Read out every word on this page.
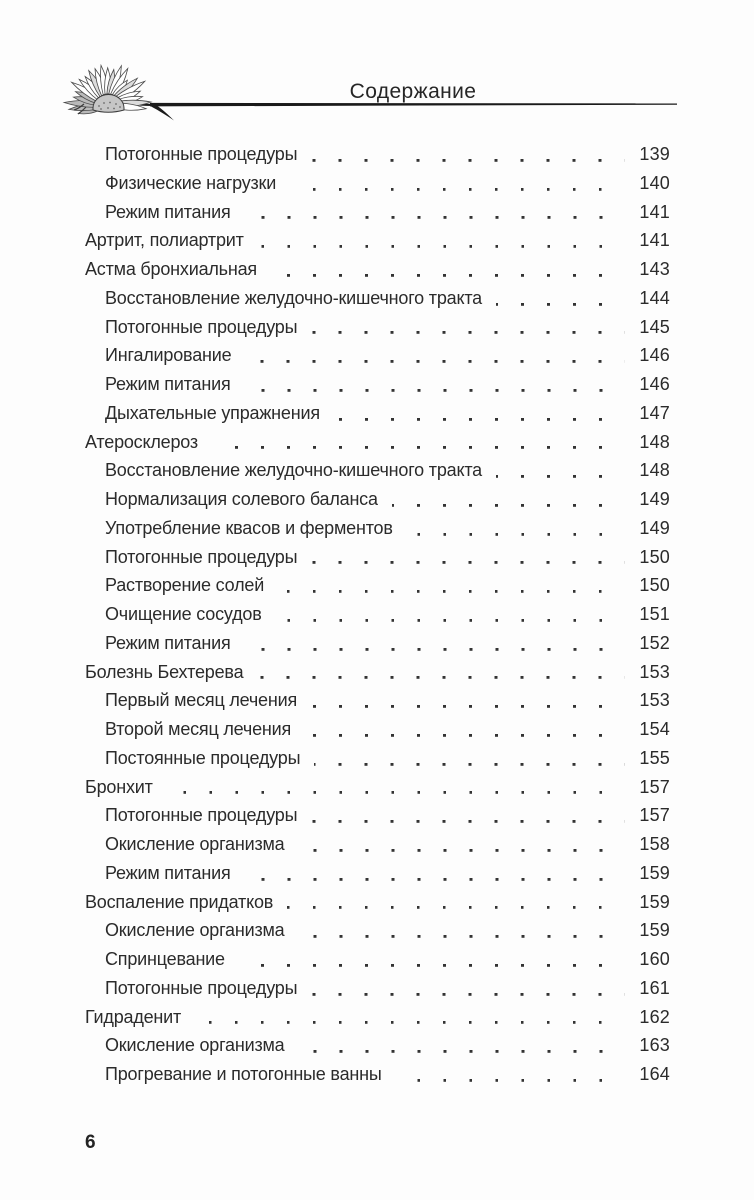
Содержание
Потогонные процедуры	139
Физические нагрузки	140
Режим питания	141
Артрит, полиартрит	141
Астма бронхиальная	143
Восстановление желудочно-кишечного тракта	144
Потогонные процедуры	145
Ингалирование	146
Режим питания	146
Дыхательные упражнения	147
Атеросклероз	148
Восстановление желудочно-кишечного тракта	148
Нормализация солевого баланса	149
Употребление квасов и ферментов	149
Потогонные процедуры	150
Растворение солей	150
Очищение сосудов	151
Режим питания	152
Болезнь Бехтерева	153
Первый месяц лечения	153
Второй месяц лечения	154
Постоянные процедуры	155
Бронхит	157
Потогонные процедуры	157
Окисление организма	158
Режим питания	159
Воспаление придатков	159
Окисление организма	159
Спринцевание	160
Потогонные процедуры	161
Гидраденит	162
Окисление организма	163
Прогревание и потогонные ванны	164
6
